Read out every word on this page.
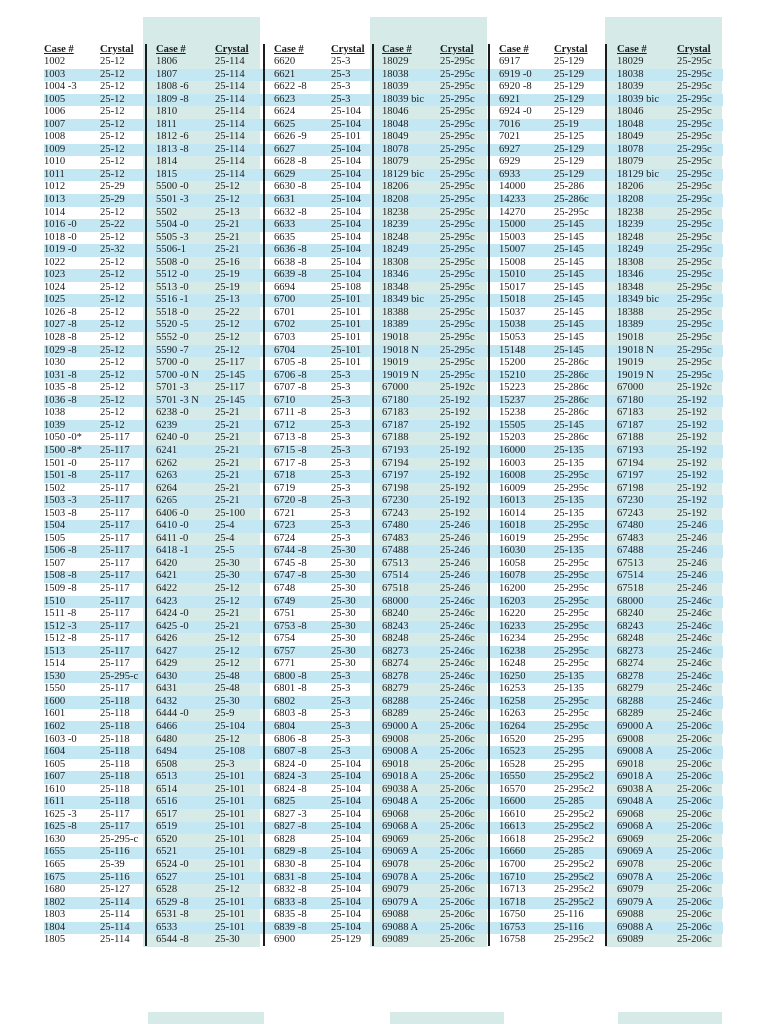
Case # Crystal
1002	25-12
1003	25-12
1004 -3 25-12
1005	25-12
1006	25-12
1007	25-12
1008	25-12
1009	25-12
1010	25-12
1011	25-12
1012	25-29
1013	25-29
1014	25-12
1016 -0 25-22
1018 -0 25-12
1019 -0 25-32
1022	25-12
1023	25-12
1024	25-12
1025	25-12
1026 -8 25-12
1027 -8 25-12
1028 -8 25-12
1029 -8 25-12
1030	25-12
1031 -8 25-12
1035 -8 25-12
1036 -8 25-12
1038	25-12
1039	25-12
1050 -0* 25-117
1500 -8* 25-117
1501 -0 25-117
1501 -8 25-117
1502	25-117
1503 -3 25-117
1503 -8 25-117
1504	25-117
1505	25-117
1506 -8 25-117
1507	25-117
1508 -8 25-117
1509 -8 25-117
1510	25-117
1511 -8 25-117
1512 -3 25-117
1512 -8 25-117
1513	25-117
1514	25-117
1530	25-295-c
1550	25-117
1600	25-118
1601	25-118
1602	25-118
1603 -0 25-118
1604	25-118
1605	25-118
1607	25-118
1610	25-118
1611	25-118
1625 -3 25-117
1625 -8 25-117
1630	25-295-c
1655	25-116
1665	25-39
1675	25-116
1680	25-127
1802	25-114
1803	25-114
1804	25-114
1805	25-114
Case #	Crystal
1806	25-114
1807	25-114
1808 -6 25-114
1809 -8 25-114
1810	25-114
1811	25-114
1812 -6 25-114
1813 -8 25-114
1814	25-114
1815	25-114
5500 -0 25-12
5501 -3 25-12
5502	25-13
5504 -0 25-21
5505 -3 25-21
5506-1	25-21
5508 -0 25-16
5512 -0 25-19
5513 -0 25-19
5516 -1 25-13
5518 -0 25-22
5520 -5 25-12
5552 -0 25-12
5590 -7 25-12
5700 -0 25-117
5700 -0 N 25-145
5701 -3 25-117
5701 -3 N 25-145
6238 -0 25-21
6239	25-21
6240 -0 25-21
6241	25-21
6262	25-21
6263	25-21
6264	25-21
6265	25-21
6406 -0 25-100
6410 -0 25-4
6411 -0	25-4
6418 -1 25-5
6420	25-30
6421	25-30
6422	25-12
6423	25-12
6424 -0 25-21
6425 -0 25-21
6426	25-12
6427	25-12
6429	25-12
6430	25-48
6431	25-48
6432	25-30
6444 -0 25-9
6466	25-104
6480	25-12
6494	25-108
6508	25-3
6513	25-101
6514	25-101
6516	25-101
6517	25-101
6519	25-101
6520	25-101
6521	25-101
6524 -0 25-101
6527	25-101
6528	25-12
6529 -8 25-101
6531 -8 25-101
6533	25-101
6544 -8 25-30
Case #	Crystal
6620	25-3
6621	25-3
6622 -8 25-3
6623	25-3
6624	25-104
6625	25-104
6626 -9 25-101
6627	25-104
6628 -8 25-104
6629	25-104
6630 -8 25-104
6631	25-104
6632 -8 25-104
6633	25-104
6635	25-104
6636 -8 25-104
6638 -8 25-104
6639 -8 25-104
6694	25-108
6700	25-101
6701	25-101
6702	25-101
6703	25-101
6704	25-101
6705 -8 25-101
6706 -8 25-3
6707 -8 25-3
6710	25-3
6711 -8 25-3
6712	25-3
6713 -8 25-3
6715 -8 25-3
6717 -8 25-3
6718	25-3
6719	25-3
6720 -8 25-3
6721	25-3
6723	25-3
6724	25-3
6744 -8 25-30
6745 -8 25-30
6747 -8 25-30
6748	25-30
6749	25-30
6751	25-30
6753 -8 25-30
6754	25-30
6757	25-30
6771	25-30
6800 -8 25-3
6801 -8 25-3
6802	25-3
6803 -8 25-3
6804	25-3
6806 -8 25-3
6807 -8 25-3
6824 -0 25-104
6824 -3 25-104
6824 -8 25-104
6825	25-104
6827 -3 25-104
6827 -8 25-104
6828	25-104
6829 -8 25-104
6830 -8 25-104
6831 -8 25-104
6832 -8 25-104
6833 -8 25-104
6835 -8 25-104
6839 -8 25-104
6900	25-129
Case #	Crystal
18029	25-295c
18038	25-295c
18039	25-295c
18039 bic 25-295c
18046	25-295c
18048	25-295c
18049	25-295c
18078	25-295c
18079	25-295c
18129 bic 25-295c
18206	25-295c
18208	25-295c
18238	25-295c
18239	25-295c
18248	25-295c
18249	25-295c
18308	25-295c
18346	25-295c
18348	25-295c
18349 bic 25-295c
18388	25-295c
18389	25-295c
19018	25-295c
19018 N 25-295c
19019	25-295c
19019 N 25-295c
67000	25-192c
67180	25-192
67183	25-192
67187	25-192
67188	25-192
67193	25-192
67194	25-192
67197	25-192
67198	25-192
67230	25-192
67243	25-192
67480	25-246
67483	25-246
67488	25-246
67513	25-246
67514	25-246
67518	25-246
68000	25-246c
68240	25-246c
68243	25-246c
68248	25-246c
68273	25-246c
68274	25-246c
68278	25-246c
68279	25-246c
68288	25-246c
68289	25-246c
69000 A 25-206c
69008	25-206c
69008 A 25-206c
69018	25-206c
69018 A 25-206c
69038 A 25-206c
69048 A 25-206c
69068	25-206c
69068 A 25-206c
69069	25-206c
69069 A 25-206c
69078	25-206c
69078 A 25-206c
69079	25-206c
69079 A 25-206c
69088	25-206c
69088 A 25-206c
69089	25-206c
Case # Crystal
6917	25-129
6919 -0 25-129
6920 -8 25-129
6921	25-129
6924 -0 25-129
7016	25-19
7021	25-125
6927	25-129
6929	25-129
6933	25-129
14000	25-286
14233	25-286c
14270	25-295c
15000	25-145
15003	25-145
15007	25-145
15008	25-145
15010	25-145
15017	25-145
15018	25-145
15037	25-145
15038	25-145
15053	25-145
15148	25-145
15200	25-286c
15210	25-286c
15223	25-286c
15237	25-286c
15238	25-286c
15505	25-145
15203	25-286c
16000	25-135
16003	25-135
16008	25-295c
16009	25-295c
16013	25-135
16014	25-135
16018	25-295c
16019	25-295c
16030	25-135
16058	25-295c
16078	25-295c
16200	25-295c
16203	25-295c
16220	25-295c
16233	25-295c
16234	25-295c
16238	25-295c
16248	25-295c
16250	25-135
16253	25-135
16258	25-295c
16263	25-295c
16264	25-295c
16520	25-295
16523	25-295
16528	25-295
16550	25-295c2
16570	25-295c2
16600	25-285
16610	25-295c2
16613	25-295c2
16618	25-295c2
16660	25-285
16700	25-295c2
16710	25-295c2
16713	25-295c2
16718	25-295c2
16750	25-116
16753	25-116
16758	25-295c2
Case #	Crystal
18029	25-295c
18038	25-295c
18039	25-295c
18039 bic 25-295c
18046	25-295c
18048	25-295c
18049	25-295c
18078	25-295c
18079	25-295c
18129 bic 25-295c
18206	25-295c
18208	25-295c
18238	25-295c
18239	25-295c
18248	25-295c
18249	25-295c
18308	25-295c
18346	25-295c
18348	25-295c
18349 bic 25-295c
18388	25-295c
18389	25-295c
19018	25-295c
19018 N 25-295c
19019	25-295c
19019 N 25-295c
67000	25-192c
67180	25-192
67183	25-192
67187	25-192
67188	25-192
67193	25-192
67194	25-192
67197	25-192
67198	25-192
67230	25-192
67243	25-192
67480	25-246
67483	25-246
67488	25-246
67513	25-246
67514	25-246
67518	25-246
68000	25-246c
68240	25-246c
68243	25-246c
68248	25-246c
68273	25-246c
68274	25-246c
68278	25-246c
68279	25-246c
68288	25-246c
68289	25-246c
69000 A 25-206c
69008	25-206c
69008 A 25-206c
69018	25-206c
69018 A 25-206c
69038 A 25-206c
69048 A 25-206c
69068	25-206c
69068 A 25-206c
69069	25-206c
69069 A 25-206c
69078	25-206c
69078 A 25-206c
69079	25-206c
69079 A 25-206c
69088	25-206c
69088 A 25-206c
69089	25-206c
